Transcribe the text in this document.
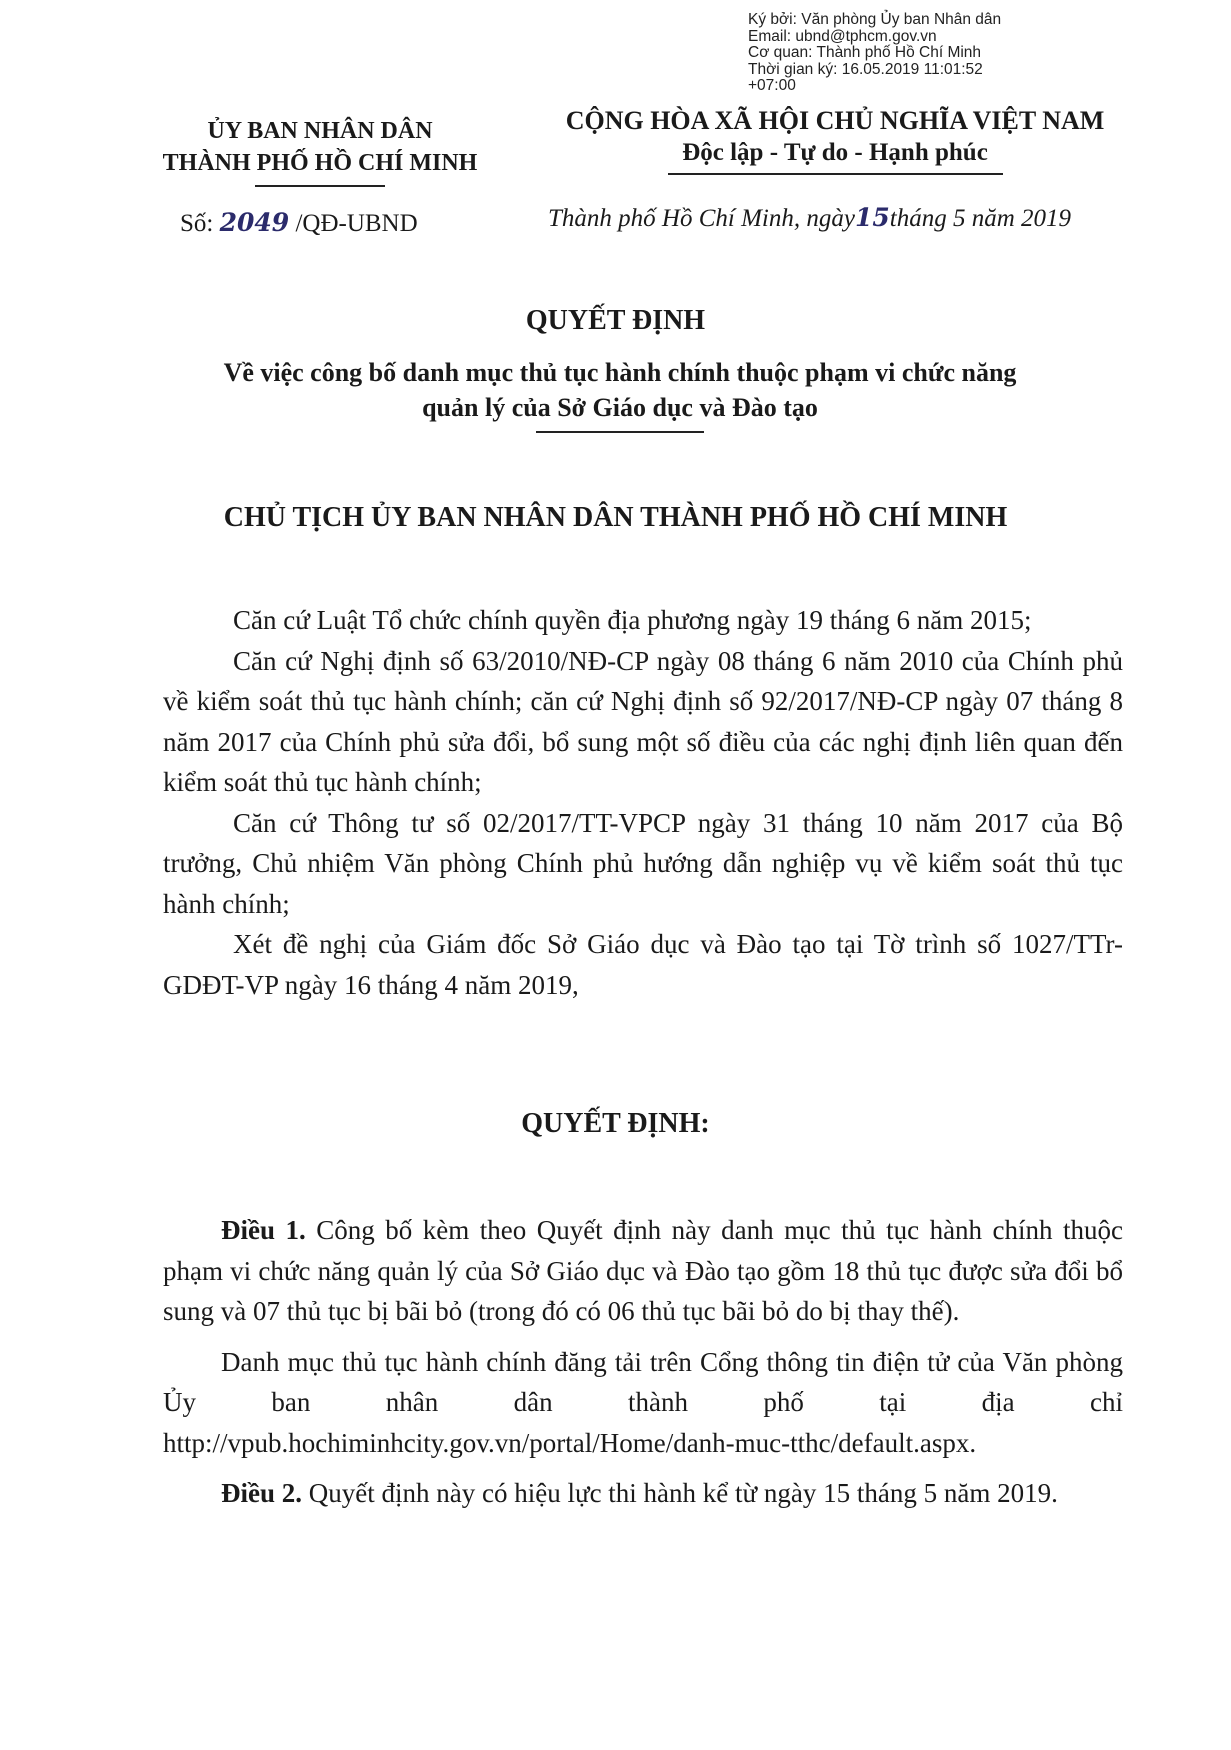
Ký bởi: Văn phòng Ủy ban Nhân dân
Email: ubnd@tphcm.gov.vn
Cơ quan: Thành phố Hồ Chí Minh
Thời gian ký: 16.05.2019 11:01:52
+07:00
ỦY BAN NHÂN DÂN
THÀNH PHỐ HỒ CHÍ MINH
CỘNG HÒA XÃ HỘI CHỦ NGHĨA VIỆT NAM
Độc lập - Tự do - Hạnh phúc
Số: 2049 /QĐ-UBND	Thành phố Hồ Chí Minh, ngày15tháng 5 năm 2019
QUYẾT ĐỊNH
Về việc công bố danh mục thủ tục hành chính thuộc phạm vi chức năng
quản lý của Sở Giáo dục và Đào tạo
CHỦ TỊCH ỦY BAN NHÂN DÂN THÀNH PHỐ HỒ CHÍ MINH

Căn cứ Luật Tổ chức chính quyền địa phương ngày 19 tháng 6 năm 2015;

Căn cứ Nghị định số 63/2010/NĐ-CP ngày 08 tháng 6 năm 2010 của Chính phủ về kiểm soát thủ tục hành chính; căn cứ Nghị định số 92/2017/NĐ-CP ngày 07 tháng 8 năm 2017 của Chính phủ sửa đổi, bổ sung một số điều của các nghị định liên quan đến kiểm soát thủ tục hành chính;

Căn cứ Thông tư số 02/2017/TT-VPCP ngày 31 tháng 10 năm 2017 của Bộ trưởng, Chủ nhiệm Văn phòng Chính phủ hướng dẫn nghiệp vụ về kiểm soát thủ tục hành chính;

Xét đề nghị của Giám đốc Sở Giáo dục và Đào tạo tại Tờ trình số 1027/TTr-GDĐT-VP ngày 16 tháng 4 năm 2019,

QUYẾT ĐỊNH:

Điều 1. Công bố kèm theo Quyết định này danh mục thủ tục hành chính thuộc phạm vi chức năng quản lý của Sở Giáo dục và Đào tạo gồm 18 thủ tục được sửa đổi bổ sung và 07 thủ tục bị bãi bỏ (trong đó có 06 thủ tục bãi bỏ do bị thay thế).

Danh mục thủ tục hành chính đăng tải trên Cổng thông tin điện tử của Văn phòng Ủy ban nhân dân thành phố tại địa chỉ http://vpub.hochiminhcity.gov.vn/portal/Home/danh-muc-tthc/default.aspx.

Điều 2. Quyết định này có hiệu lực thi hành kể từ ngày 15 tháng 5 năm 2019.
